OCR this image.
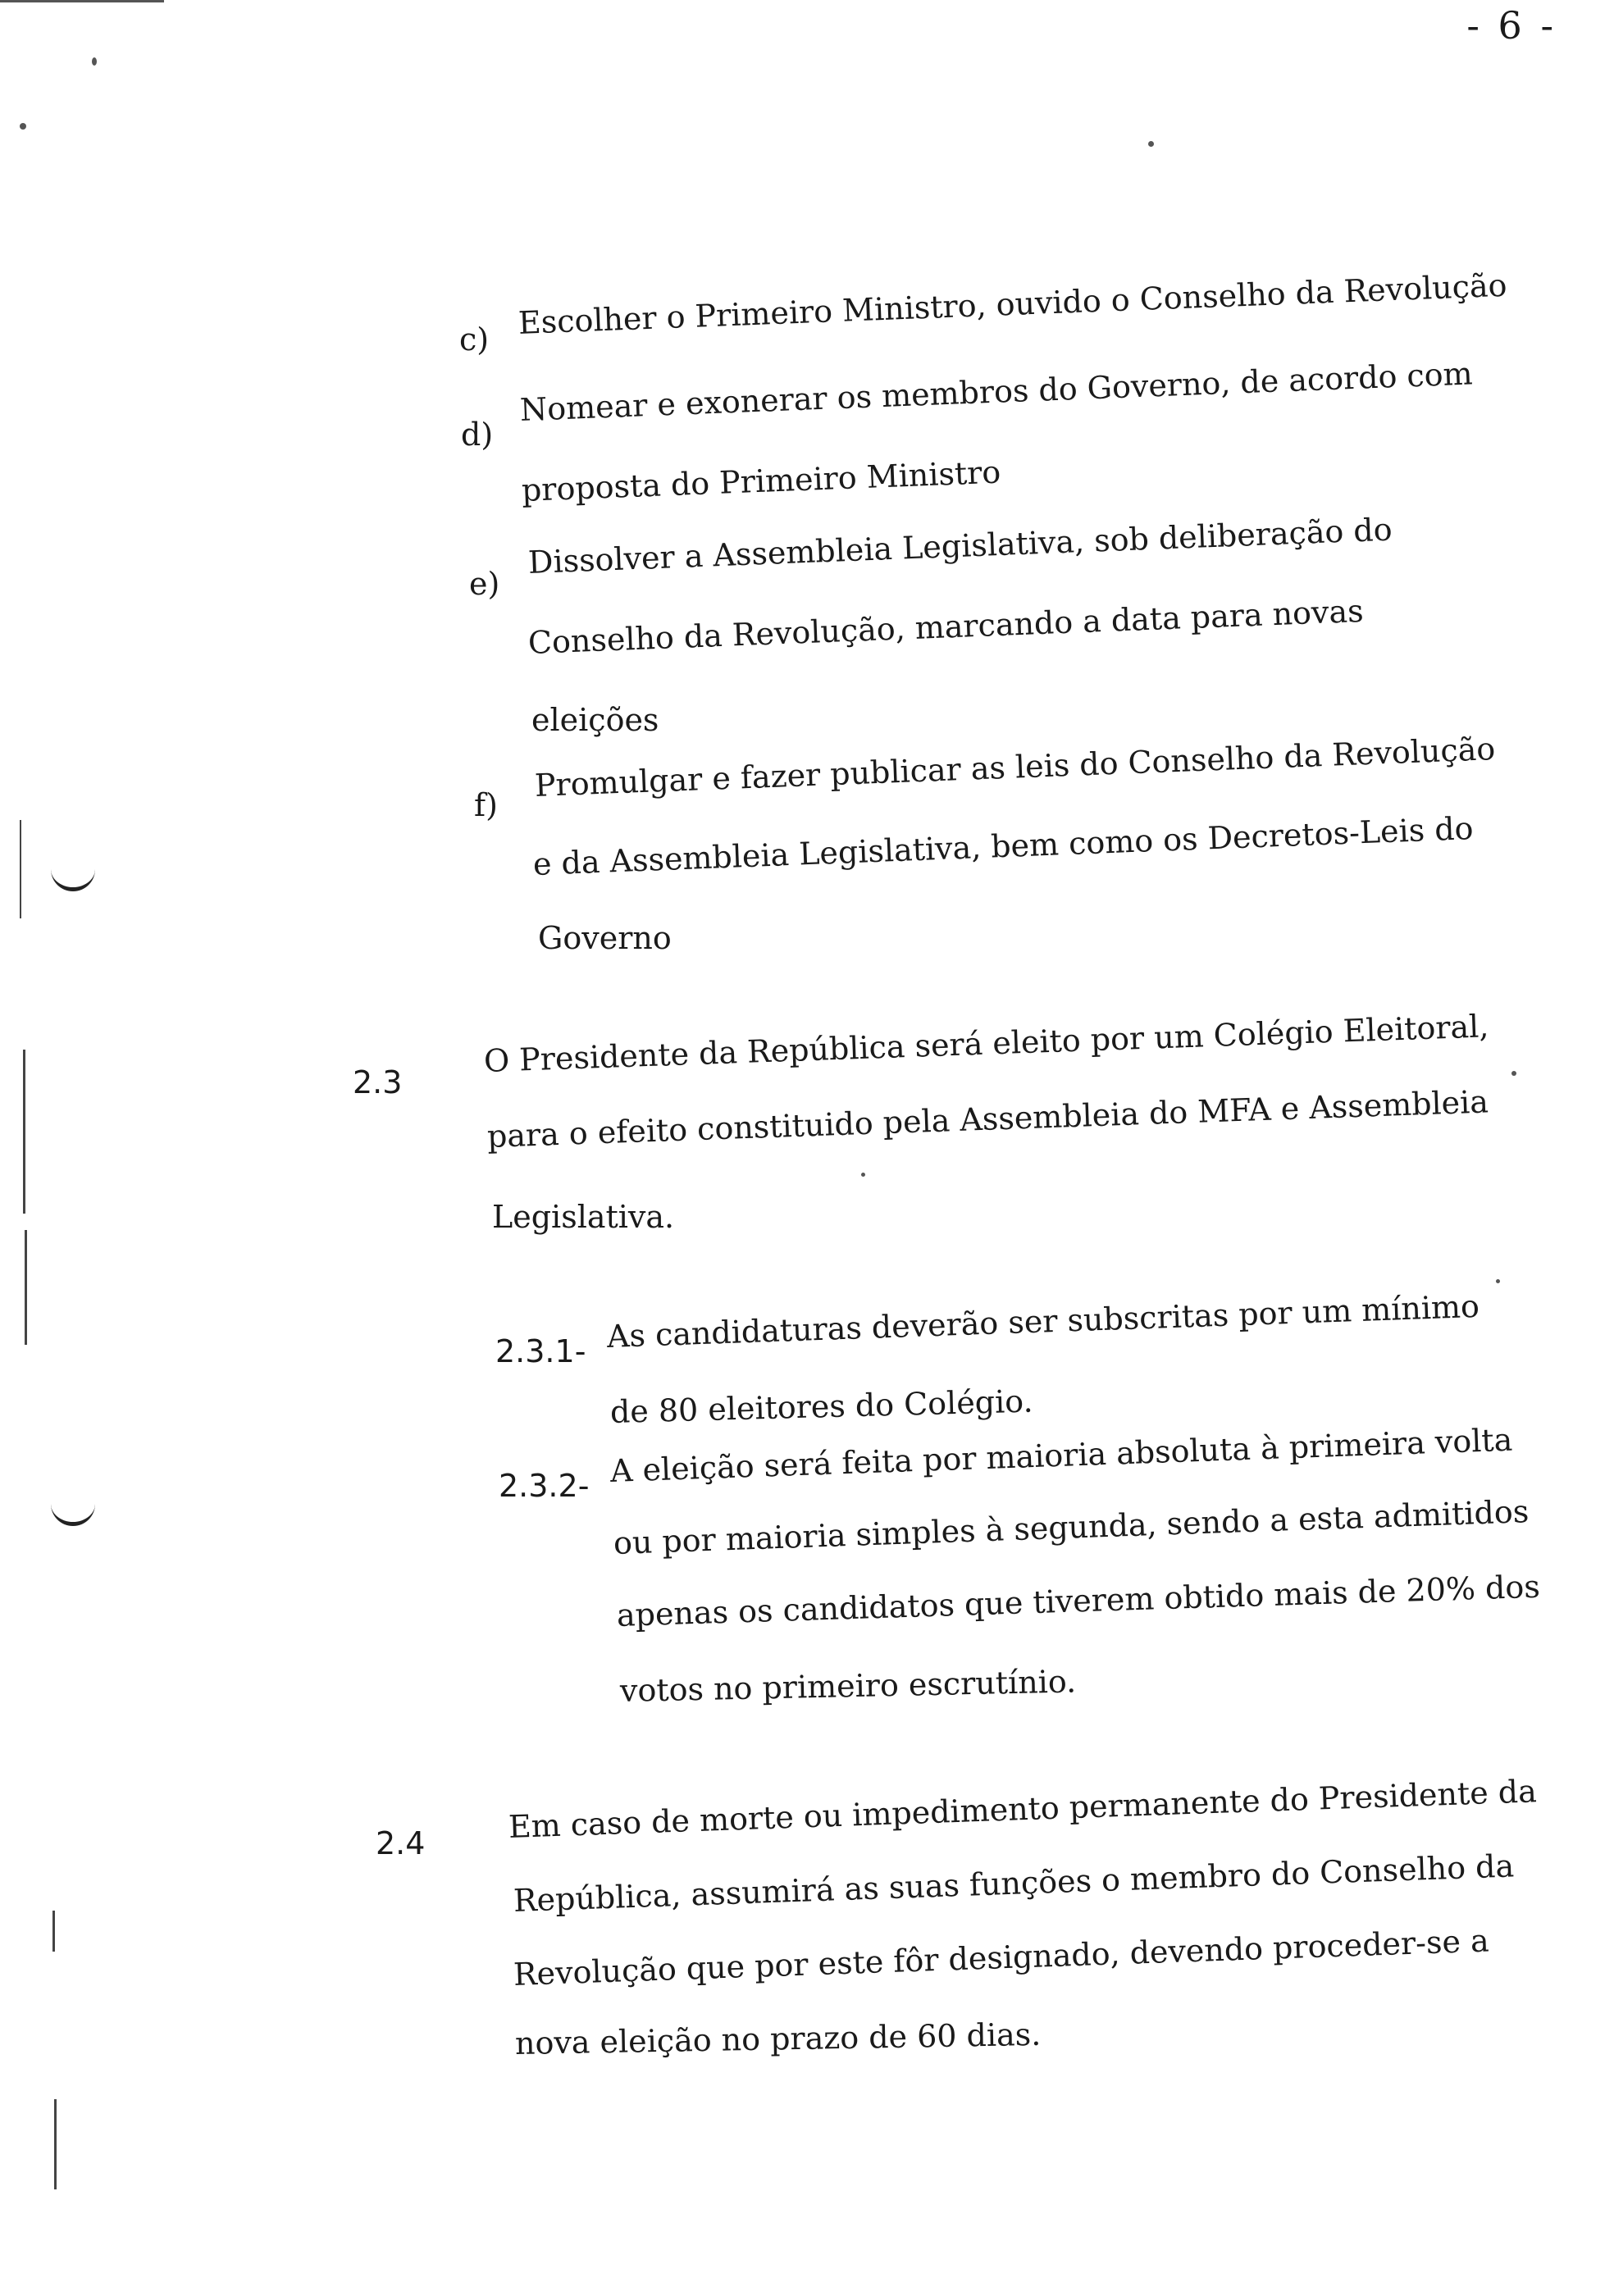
- 6 -
c) Escolher o Primeiro Ministro, ouvido o Conselho da Revolução
d)
Nomear e exonerar os membros do Governo, de acordo com
proposta do Primeiro Ministro
e)
Dissolver a Assembleia Legislativa, sob deliberação do
Conselho da Revolução, marcando a data para novas
eleições
f)
Promulgar e fazer publicar as leis do Conselho da Revolução
e da Assembleia Legislativa, bem como os Decretos-Leis do
Governo
2.3
O Presidente da República será eleito por um Colégio Eleitoral,
para o efeito constituido pela Assembleia do MFA e Assembleia
Legislativa.
2.3.1- As candidaturas deverão ser subscritas por um mínimo
de 80 eleitores do Colégio.
2.3.2- A eleição será feita por maioria absoluta à primeira volta
ou por maioria simples à segunda, sendo a esta admitidos
apenas os candidatos que tiverem obtido mais de 20% dos
votos no primeiro escrutínio.
2.4	Em caso de morte ou impedimento permanente do Presidente da
República, assumirá as suas funções o membro do Conselho da
Revolução que por este fôr designado, devendo proceder-se a
nova eleição no prazo de 60 dias.
